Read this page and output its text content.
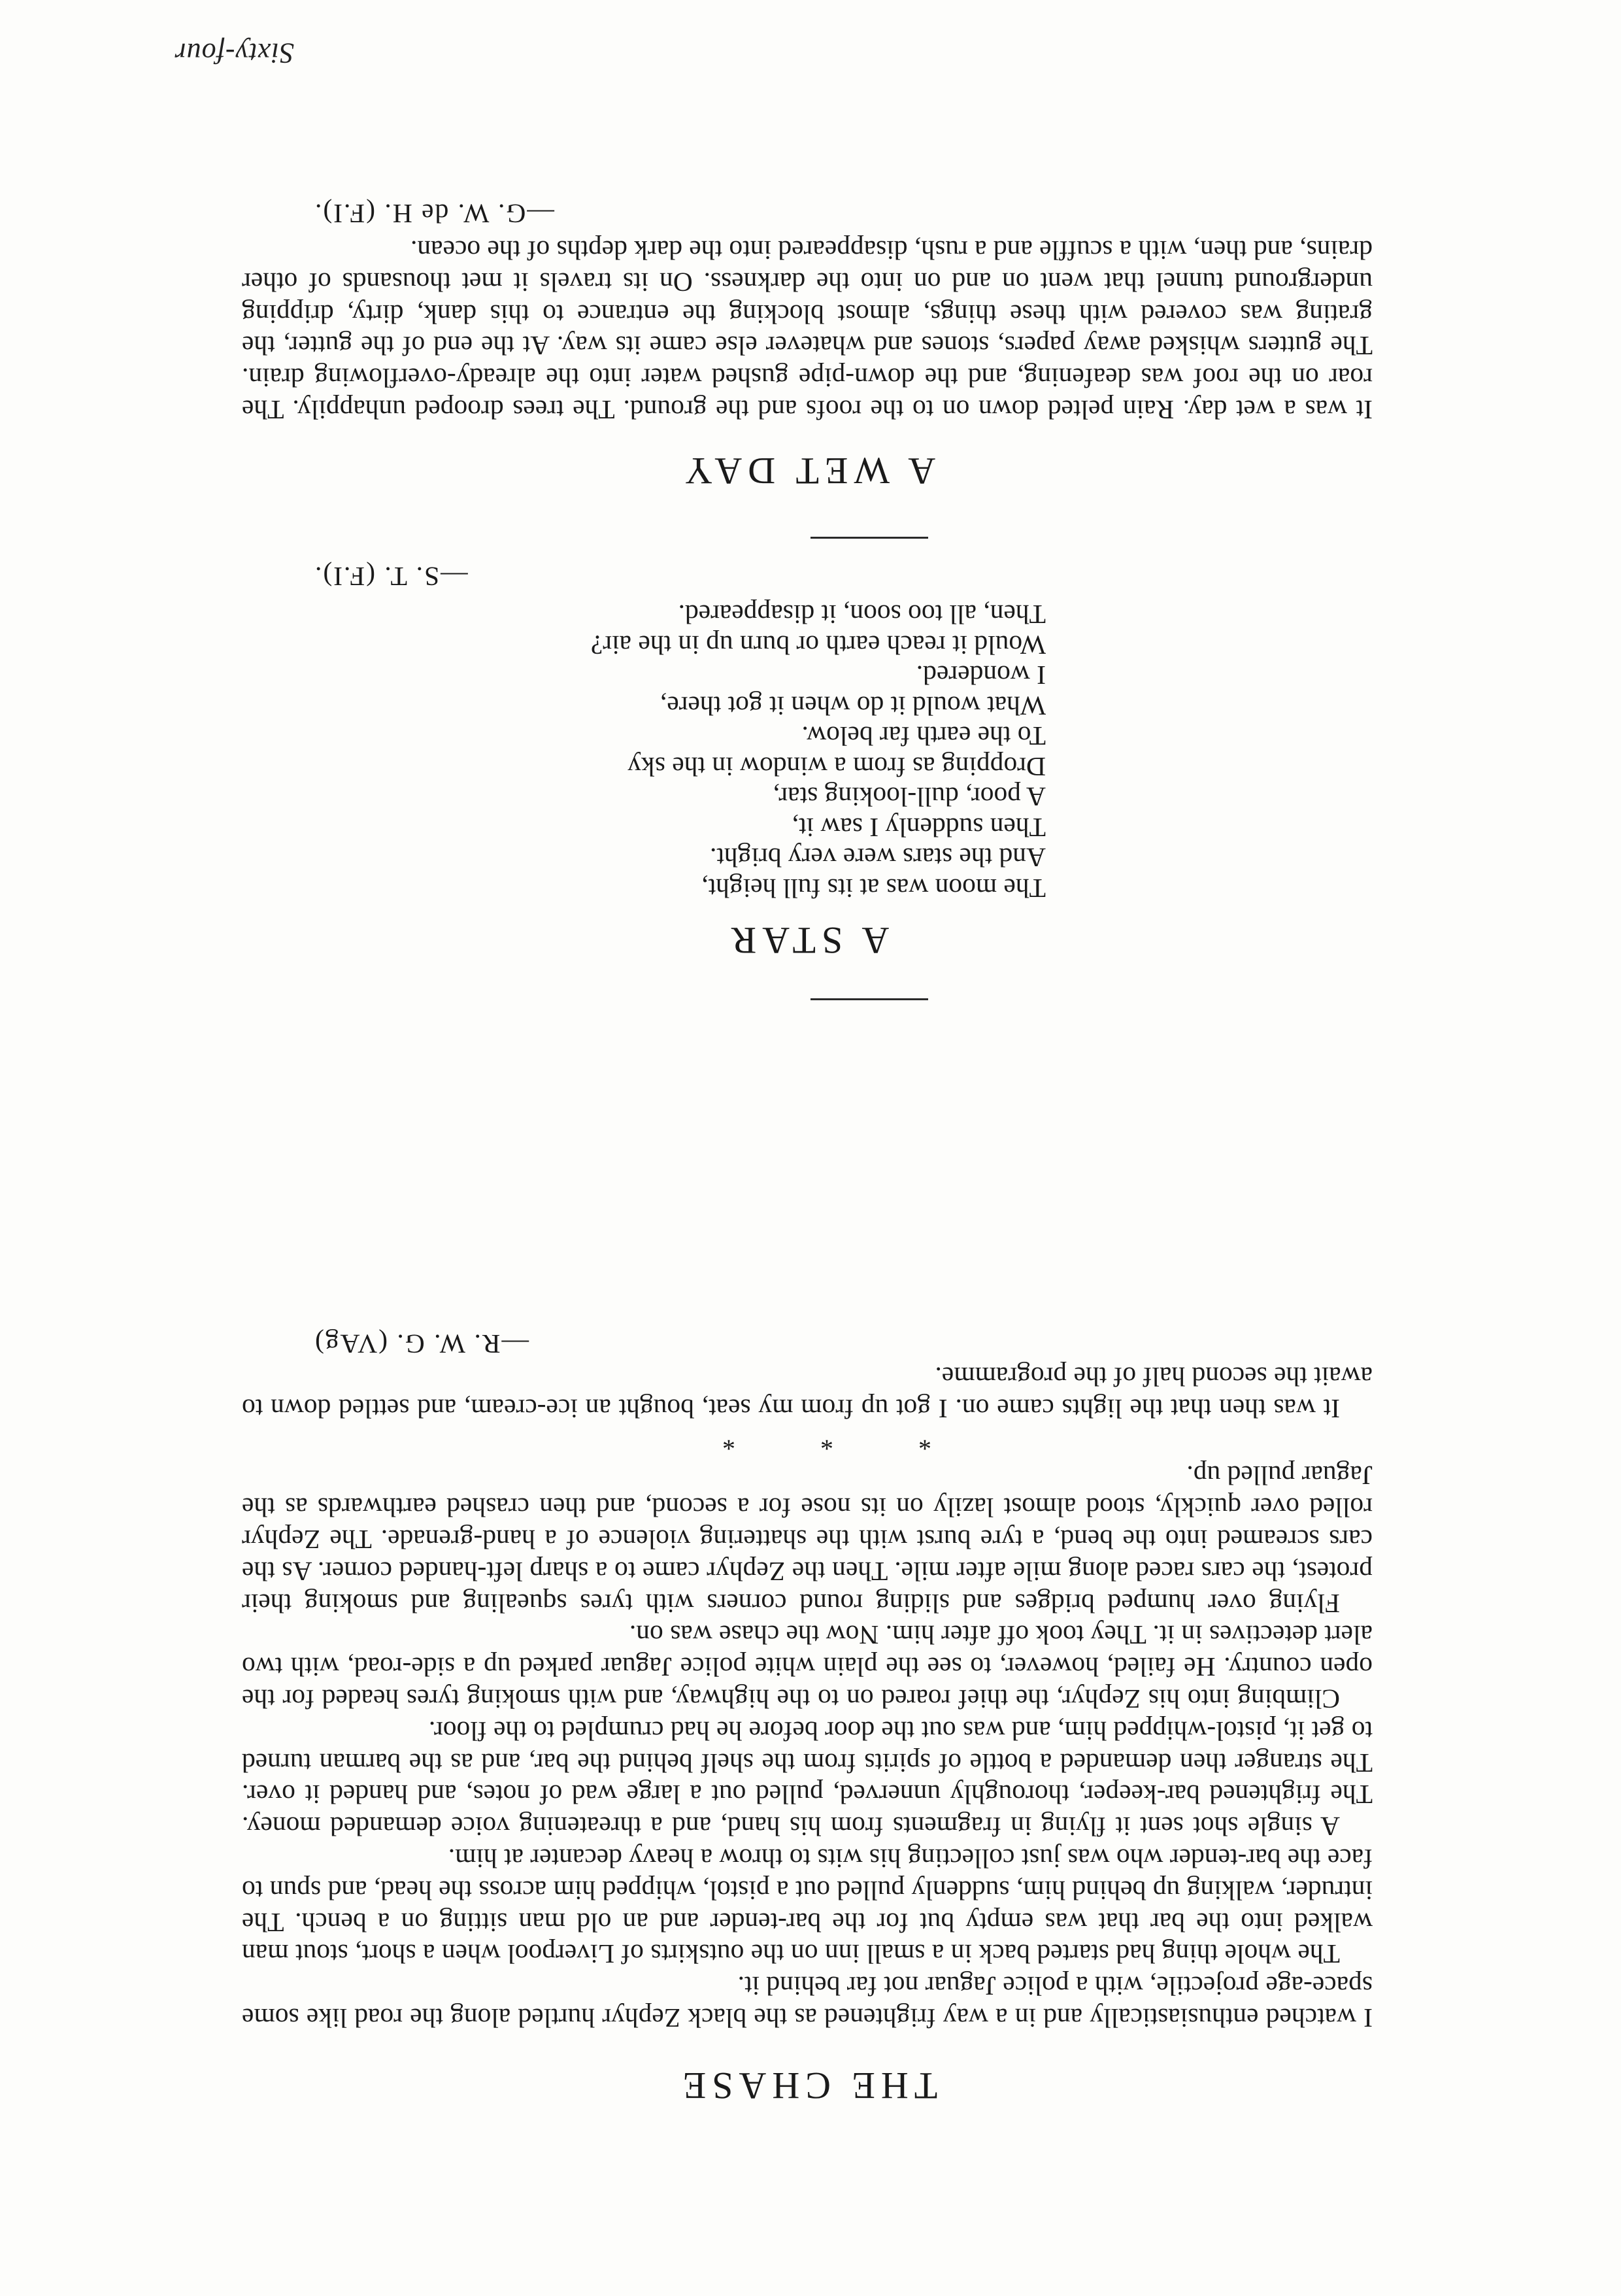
Sixty-four
THE CHASE

I watched enthusiastically and in a way frightened as the black Zephyr hurtled along the road like some space-age projectile, with a police Jaguar not far behind it.

The whole thing had started back in a small inn on the outskirts of Liverpool when a short, stout man walked into the bar that was empty but for the bar-tender and an old man sitting on a bench. The intruder, walking up behind him, suddenly pulled out a pistol, whipped him across the head, and spun to face the bar-tender who was just collecting his wits to throw a heavy decanter at him.

A single shot sent it flying in fragments from his hand, and a threatening voice demanded money. The frightened bar-keeper, thoroughly unnerved, pulled out a large wad of notes, and handed it over. The stranger then demanded a bottle of spirits from the shelf behind the bar, and as the barman turned to get it, pistol-whipped him, and was out the door before he had crumpled to the floor.

Climbing into his Zephyr, the thief roared on to the highway, and with smoking tyres headed for the open country. He failed, however, to see the plain white police Jaguar parked up a side-road, with two alert detectives in it. They took off after him. Now the chase was on.

Flying over humped bridges and sliding round corners with tyres squealing and smoking their protest, the cars raced along mile after mile. Then the Zephyr came to a sharp left-handed corner. As the cars screamed into the bend, a tyre burst with the shattering violence of a hand-grenade. The Zephyr rolled over quickly, stood almost lazily on its nose for a second, and then crashed earthwards as the Jaguar pulled up.

* * *

It was then that the lights came on. I got up from my seat, bought an ice-cream, and settled down to await the second half of the programme.

—R. W. G. (VAg)
A STAR
The moon was at its full height,
And the stars were very bright.
Then suddenly I saw it,
A poor, dull-looking star,
Dropping as from a window in the sky
To the earth far below.
What would it do when it got there,
I wondered.
Would it reach earth or burn up in the air?
Then, all too soon, it disappeared.
—S. T. (F.I).
A WET DAY

It was a wet day. Rain pelted down on to the roofs and the ground. The trees drooped unhappily. The roar on the roof was deafening, and the down-pipe gushed water into the already-overflowing drain. The gutters whisked away papers, stones and whatever else came its way. At the end of the gutter, the grating was covered with these things, almost blocking the entrance to this dank, dirty, dripping underground tunnel that went on and on into the darkness. On its travels it met thousands of other drains, and then, with a scuffle and a rush, disappeared into the dark depths of the ocean.

—G. W. de H. (F.I).
